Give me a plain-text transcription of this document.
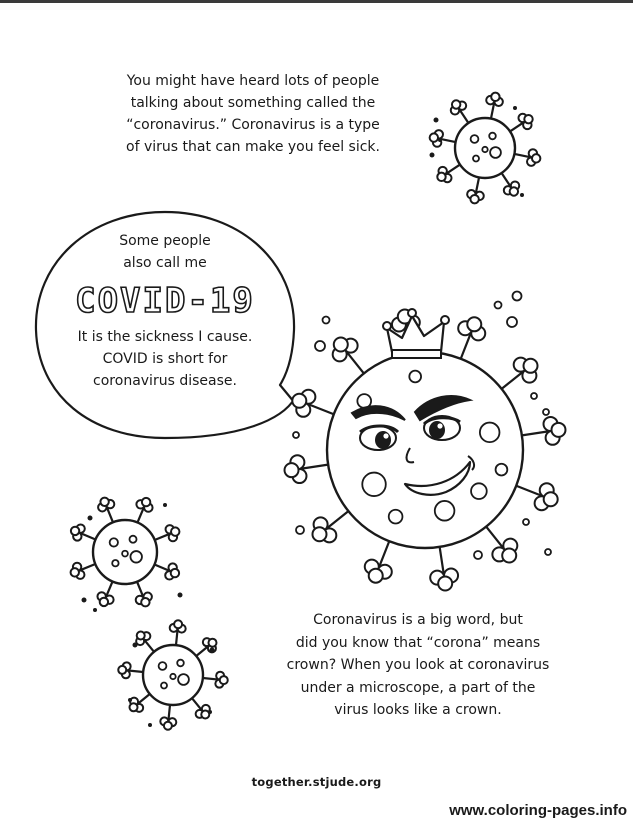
You might have heard lots of people
talking about something called the
“coronavirus.” Coronavirus is a type
of virus that can make you feel sick.
Some people
also call me
COVID-19
It is the sickness I cause.
COVID is short for
coronavirus disease.
Coronavirus is a big word, but
did you know that “corona” means
crown? When you look at coronavirus
under a microscope, a part of the
virus looks like a crown.
together.stjude.org
www.coloring-pages.info
